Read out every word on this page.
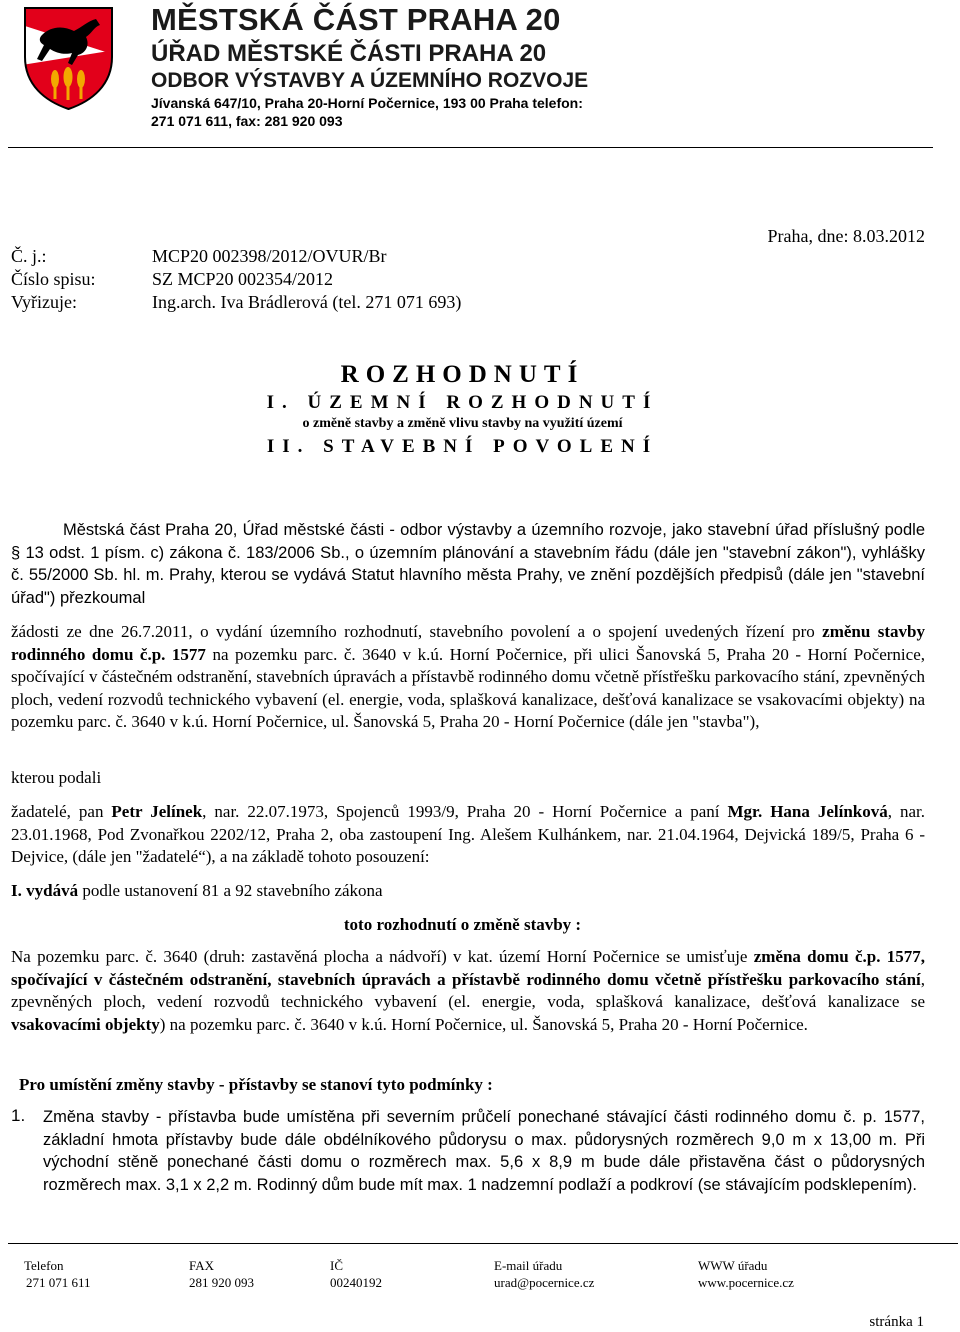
MĚSTSKÁ ČÁST PRAHA 20
ÚŘAD MĚSTSKÉ ČÁSTI PRAHA 20
ODBOR VÝSTAVBY A ÚZEMNÍHO ROZVOJE
Jívanská 647/10, Praha 20-Horní Počernice, 193 00 Praha telefon:
271 071 611, fax: 281 920 093
Praha, dne: 8.03.2012
Č. j.:	MCP20 002398/2012/OVUR/Br
Číslo spisu:	SZ MCP20 002354/2012
Vyřizuje:	Ing.arch. Iva Brádlerová (tel. 271 071 693)
ROZHODNUTÍ
I. ÚZEMNÍ ROZHODNUTÍ
o změně stavby a změně vlivu stavby na využití území
II. STAVEBNÍ POVOLENÍ
Městská část Praha 20, Úřad městské části - odbor výstavby a územního rozvoje, jako stavební úřad příslušný podle § 13 odst. 1 písm. c) zákona č. 183/2006 Sb., o územním plánování a stavebním řádu (dále jen "stavební zákon"), vyhlášky č. 55/2000 Sb. hl. m. Prahy, kterou se vydává Statut hlavního města Prahy, ve znění pozdějších předpisů (dále jen "stavební úřad") přezkoumal
žádosti ze dne 26.7.2011, o vydání územního rozhodnutí, stavebního povolení a o spojení uvedených řízení pro změnu stavby rodinného domu č.p. 1577 na pozemku parc. č. 3640 v k.ú. Horní Počernice, při ulici Šanovská 5, Praha 20 - Horní Počernice, spočívající v částečném odstranění, stavebních úpravách a přístavbě rodinného domu včetně přístřešku parkovacího stání, zpevněných ploch, vedení rozvodů technického vybavení (el. energie, voda, splašková kanalizace, dešťová kanalizace se vsakovacími objekty) na pozemku parc. č. 3640 v k.ú. Horní Počernice, ul. Šanovská 5, Praha 20 - Horní Počernice (dále jen "stavba"),
kterou podali
žadatelé, pan Petr Jelínek, nar. 22.07.1973, Spojenců 1993/9, Praha 20 - Horní Počernice a paní Mgr. Hana Jelínková, nar. 23.01.1968, Pod Zvonařkou 2202/12, Praha 2, oba zastoupení Ing. Alešem Kulhánkem, nar. 21.04.1964, Dejvická 189/5, Praha 6 - Dejvice, (dále jen "žadatelé“), a na základě tohoto posouzení:
I. vydává podle ustanovení 81 a 92 stavebního zákona
toto rozhodnutí o změně stavby :
Na pozemku parc. č. 3640 (druh: zastavěná plocha a nádvoří) v kat. území Horní Počernice se umisťuje změna domu č.p. 1577, spočívající v částečném odstranění, stavebních úpravách a přístavbě rodinného domu včetně přístřešku parkovacího stání, zpevněných ploch, vedení rozvodů technického vybavení (el. energie, voda, splašková kanalizace, dešťová kanalizace se vsakovacími objekty) na pozemku parc. č. 3640 v k.ú. Horní Počernice, ul. Šanovská 5, Praha 20 - Horní Počernice.
Pro umístění změny stavby - přístavby se stanoví tyto podmínky :
1. Změna stavby - přístavba bude umístěna při severním průčelí ponechané stávající části rodinného domu č. p. 1577, základní hmota přístavby bude dále obdélníkového půdorysu o max. půdorysných rozměrech 9,0 m x 13,00 m. Při východní stěně ponechané části domu o rozměrech max. 5,6 x 8,9 m bude dále přistavěna část o půdorysných rozměrech max. 3,1 x 2,2 m. Rodinný dům bude mít max. 1 nadzemní podlaží a podkroví (se stávajícím podsklepením).
Telefon
271 071 611
FAX
281 920 093
IČ
00240192
E-mail úřadu
urad@pocernice.cz
WWW úřadu
www.pocernice.cz
stránka 1
